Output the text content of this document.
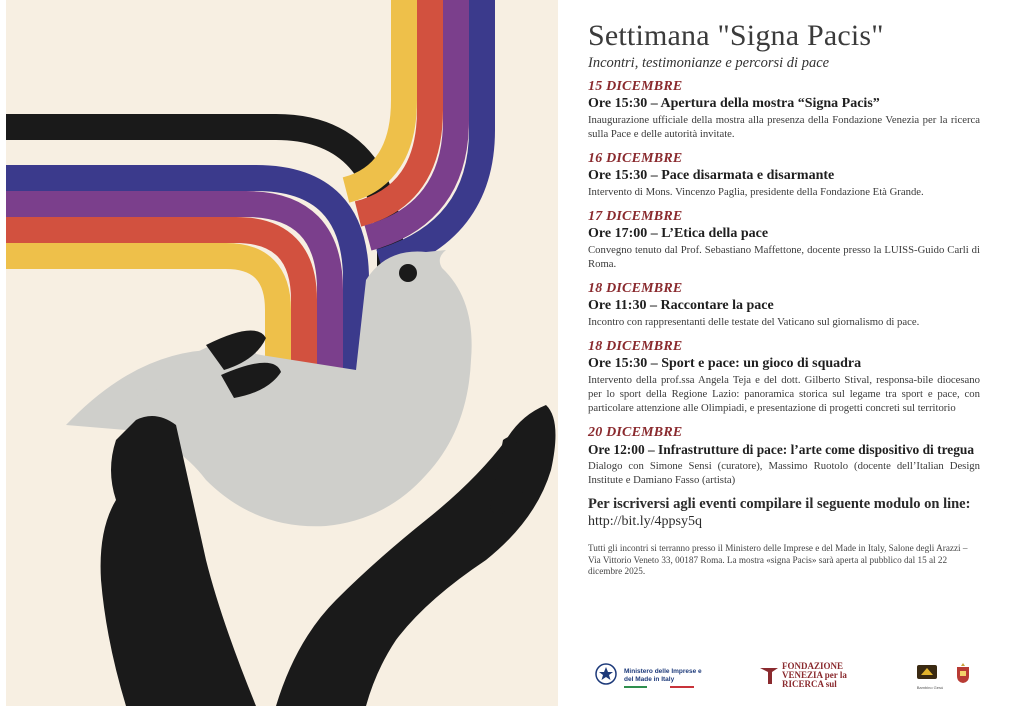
Settimana "Signa Pacis"

Incontri, testimonianze e percorsi di pace

15 DICEMBRE
Ore 15:30 – Apertura della mostra “Signa Pacis”
Inaugurazione ufficiale della mostra alla presenza della Fondazione Venezia per la ricerca sulla Pace e delle autorità invitate.
16 DICEMBRE
Ore 15:30 – Pace disarmata e disarmante
Intervento di Mons. Vincenzo Paglia, presidente della Fondazione Età Grande.
17 DICEMBRE
Ore 17:00 – L’Etica della pace
Convegno tenuto dal Prof. Sebastiano Maffettone, docente presso la LUISS-Guido Carli di Roma.
18 DICEMBRE
Ore 11:30 – Raccontare la pace
Incontro con rappresentanti delle testate del Vaticano sul giornalismo di pace.
18 DICEMBRE
Ore 15:30 – Sport e pace: un gioco di squadra
Intervento della prof.ssa Angela Teja e del dott. Gilberto Stival, responsa-bile diocesano per lo sport della Regione Lazio: panoramica storica sul legame tra sport e pace, con particolare attenzione alle Olimpiadi, e presentazione di progetti concreti sul territorio
20 DICEMBRE
Ore 12:00 – Infrastrutture di pace: l’arte come dispositivo di tregua
Dialogo con Simone Sensi (curatore), Massimo Ruotolo (docente dell’Italian Design Institute e Damiano Fasso (artista)
Per iscriversi agli eventi compilare il seguente modulo on line:
http://bit.ly/4ppsy5q
Tutti gli incontri si terranno presso il Ministero delle Imprese e del Made in Italy, Salone degli Arazzi – Via Vittorio Veneto 33, 00187 Roma. La mostra «signa Pacis» sarà aperta al pubblico dal 15 al 22 dicembre 2025.
Ministero delle Imprese e del Made in Italy
FONDAZIONE
VENEZIA per la
RICERCA sul	Bambino Gesù
